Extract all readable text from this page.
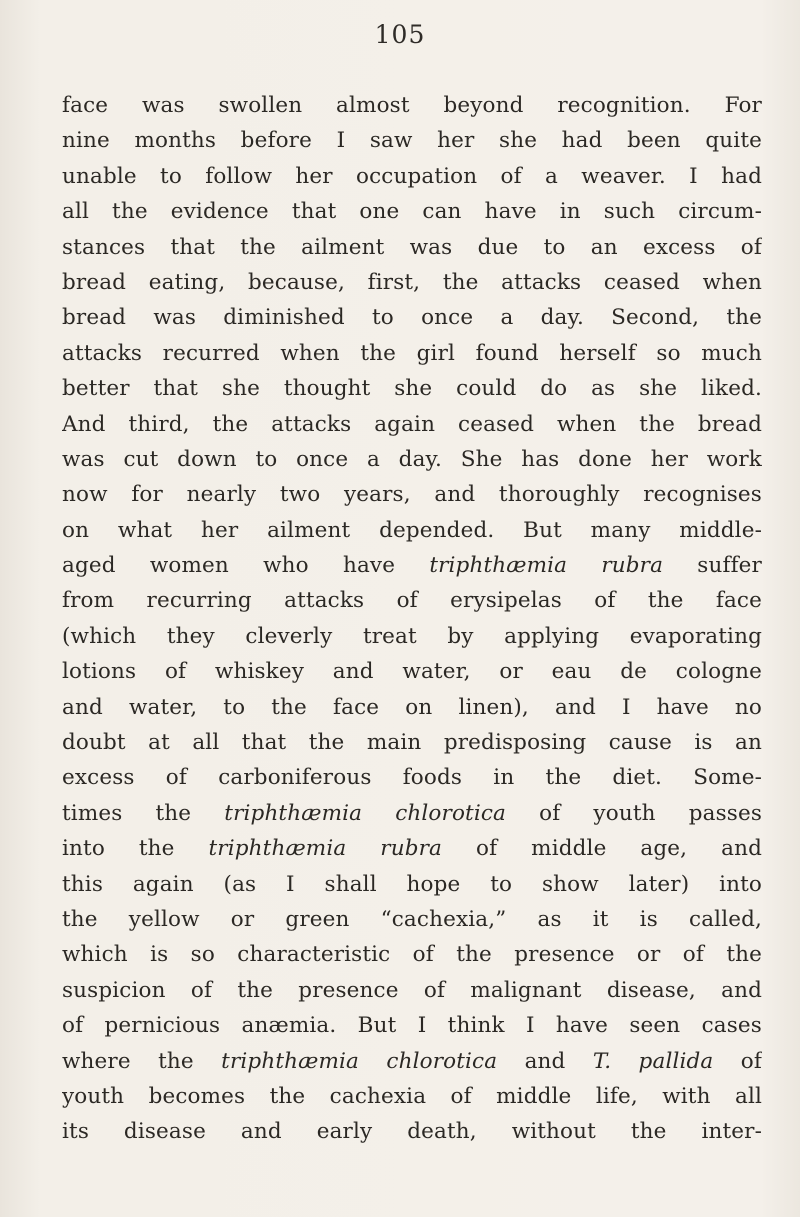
105
face was swollen almost beyond recognition. For
nine months before I saw her she had been quite
unable to follow her occupation of a weaver. I had
all the evidence that one can have in such circum-
stances that the ailment was due to an excess of
bread eating, because, first, the attacks ceased when
bread was diminished to once a day. Second, the
attacks recurred when the girl found herself so much
better that she thought she could do as she liked.
And third, the attacks again ceased when the bread
was cut down to once a day. She has done her work
now for nearly two years, and thoroughly recognises
on what her ailment depended. But many middle-
aged women who have triphthæmia rubra suffer
from recurring attacks of erysipelas of the face
(which they cleverly treat by applying evaporating
lotions of whiskey and water, or eau de cologne
and water, to the face on linen), and I have no
doubt at all that the main predisposing cause is an
excess of carboniferous foods in the diet. Some-
times the triphthæmia chlorotica of youth passes
into the triphthæmia rubra of middle age, and
this again (as I shall hope to show later) into
the yellow or green “cachexia,” as it is called,
which is so characteristic of the presence or of the
suspicion of the presence of malignant disease, and
of pernicious anæmia. But I think I have seen cases
where the triphthæmia chlorotica and T. pallida of
youth becomes the cachexia of middle life, with all
its disease and early death, without the inter-
